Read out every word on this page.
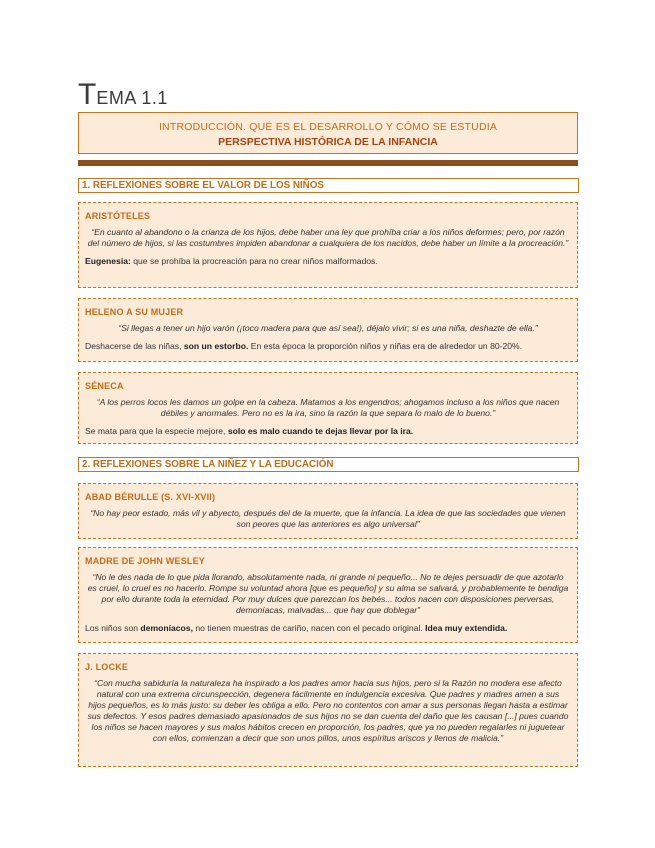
TEMA 1.1
INTRODUCCIÓN. QUÉ ES EL DESARROLLO Y CÓMO SE ESTUDIA
PERSPECTIVA HISTÓRICA DE LA INFANCIA
1. REFLEXIONES SOBRE EL VALOR DE LOS NIÑOS
ARISTÓTELES
“En cuanto al abandono o la crianza de los hijos, debe haber una ley que prohíba criar a los niños deformes; pero, por razón del número de hijos, si las costumbres impiden abandonar a cualquiera de los nacidos, debe haber un límite a la procreación.”
Eugenesia: que se prohíba la procreación para no crear niños malformados.
HELENO A SU MUJER
“Si llegas a tener un hijo varón (¡toco madera para que así sea!), déjalo vivir; si es una niña, deshazte de ella.”
Deshacerse de las niñas, son un estorbo. En esta época la proporción niños y niñas era de alrededor un 80-20%.
SÉNECA
“A los perros locos les damos un golpe en la cabeza. Matamos a los engendros; ahogamos incluso a los niños que nacen débiles y anormales. Pero no es la ira, sino la razón la que separa lo malo de lo bueno.”
Se mata para que la especie mejore, solo es malo cuando te dejas llevar por la ira.
2. REFLEXIONES SOBRE LA NIÑEZ Y LA EDUCACIÓN
ABAD BÉRULLE (S. XVI-XVII)
“No hay peor estado, más vil y abyecto, después del de la muerte, que la infancia. La idea de que las sociedades que vienen son peores que las anteriores es algo universal”
MADRE DE JOHN WESLEY
“No le des nada de lo que pida llorando, absolutamente nada, ni grande ni pequeño... No te dejes persuadir de que azotarlo es cruel, lo cruel es no hacerlo. Rompe su voluntad ahora [que es pequeño] y su alma se salvará, y probablemente te bendiga por ello durante toda la eternidad. Por muy dulces que parezcan los bebés... todos nacen con disposiciones perversas, demoníacas, malvadas... que hay que doblegar”
Los niños son demoníacos, no tienen muestras de cariño, nacen con el pecado original. Idea muy extendida.
J. LOCKE
“Con mucha sabiduría la naturaleza ha inspirado a los padres amor hacia sus hijos, pero si la Razón no modera ese afecto natural con una extrema circunspección, degenera fácilmente en indulgencia excesiva. Que padres y madres amen a sus hijos pequeños, es lo más justo: su deber les obliga a ello. Pero no contentos con amar a sus personas llegan hasta a estimar sus defectos. Y esos padres demasiado apasionados de sus hijos no se dan cuenta del daño que les causan [...] pues cuando los niños se hacen mayores y sus malos hábitos crecen en proporción, los padres, que ya no pueden regalarles ni juguetear con ellos, comienzan a decir que son unos pillos, unos espíritus ariscos y llenos de malicia.”
